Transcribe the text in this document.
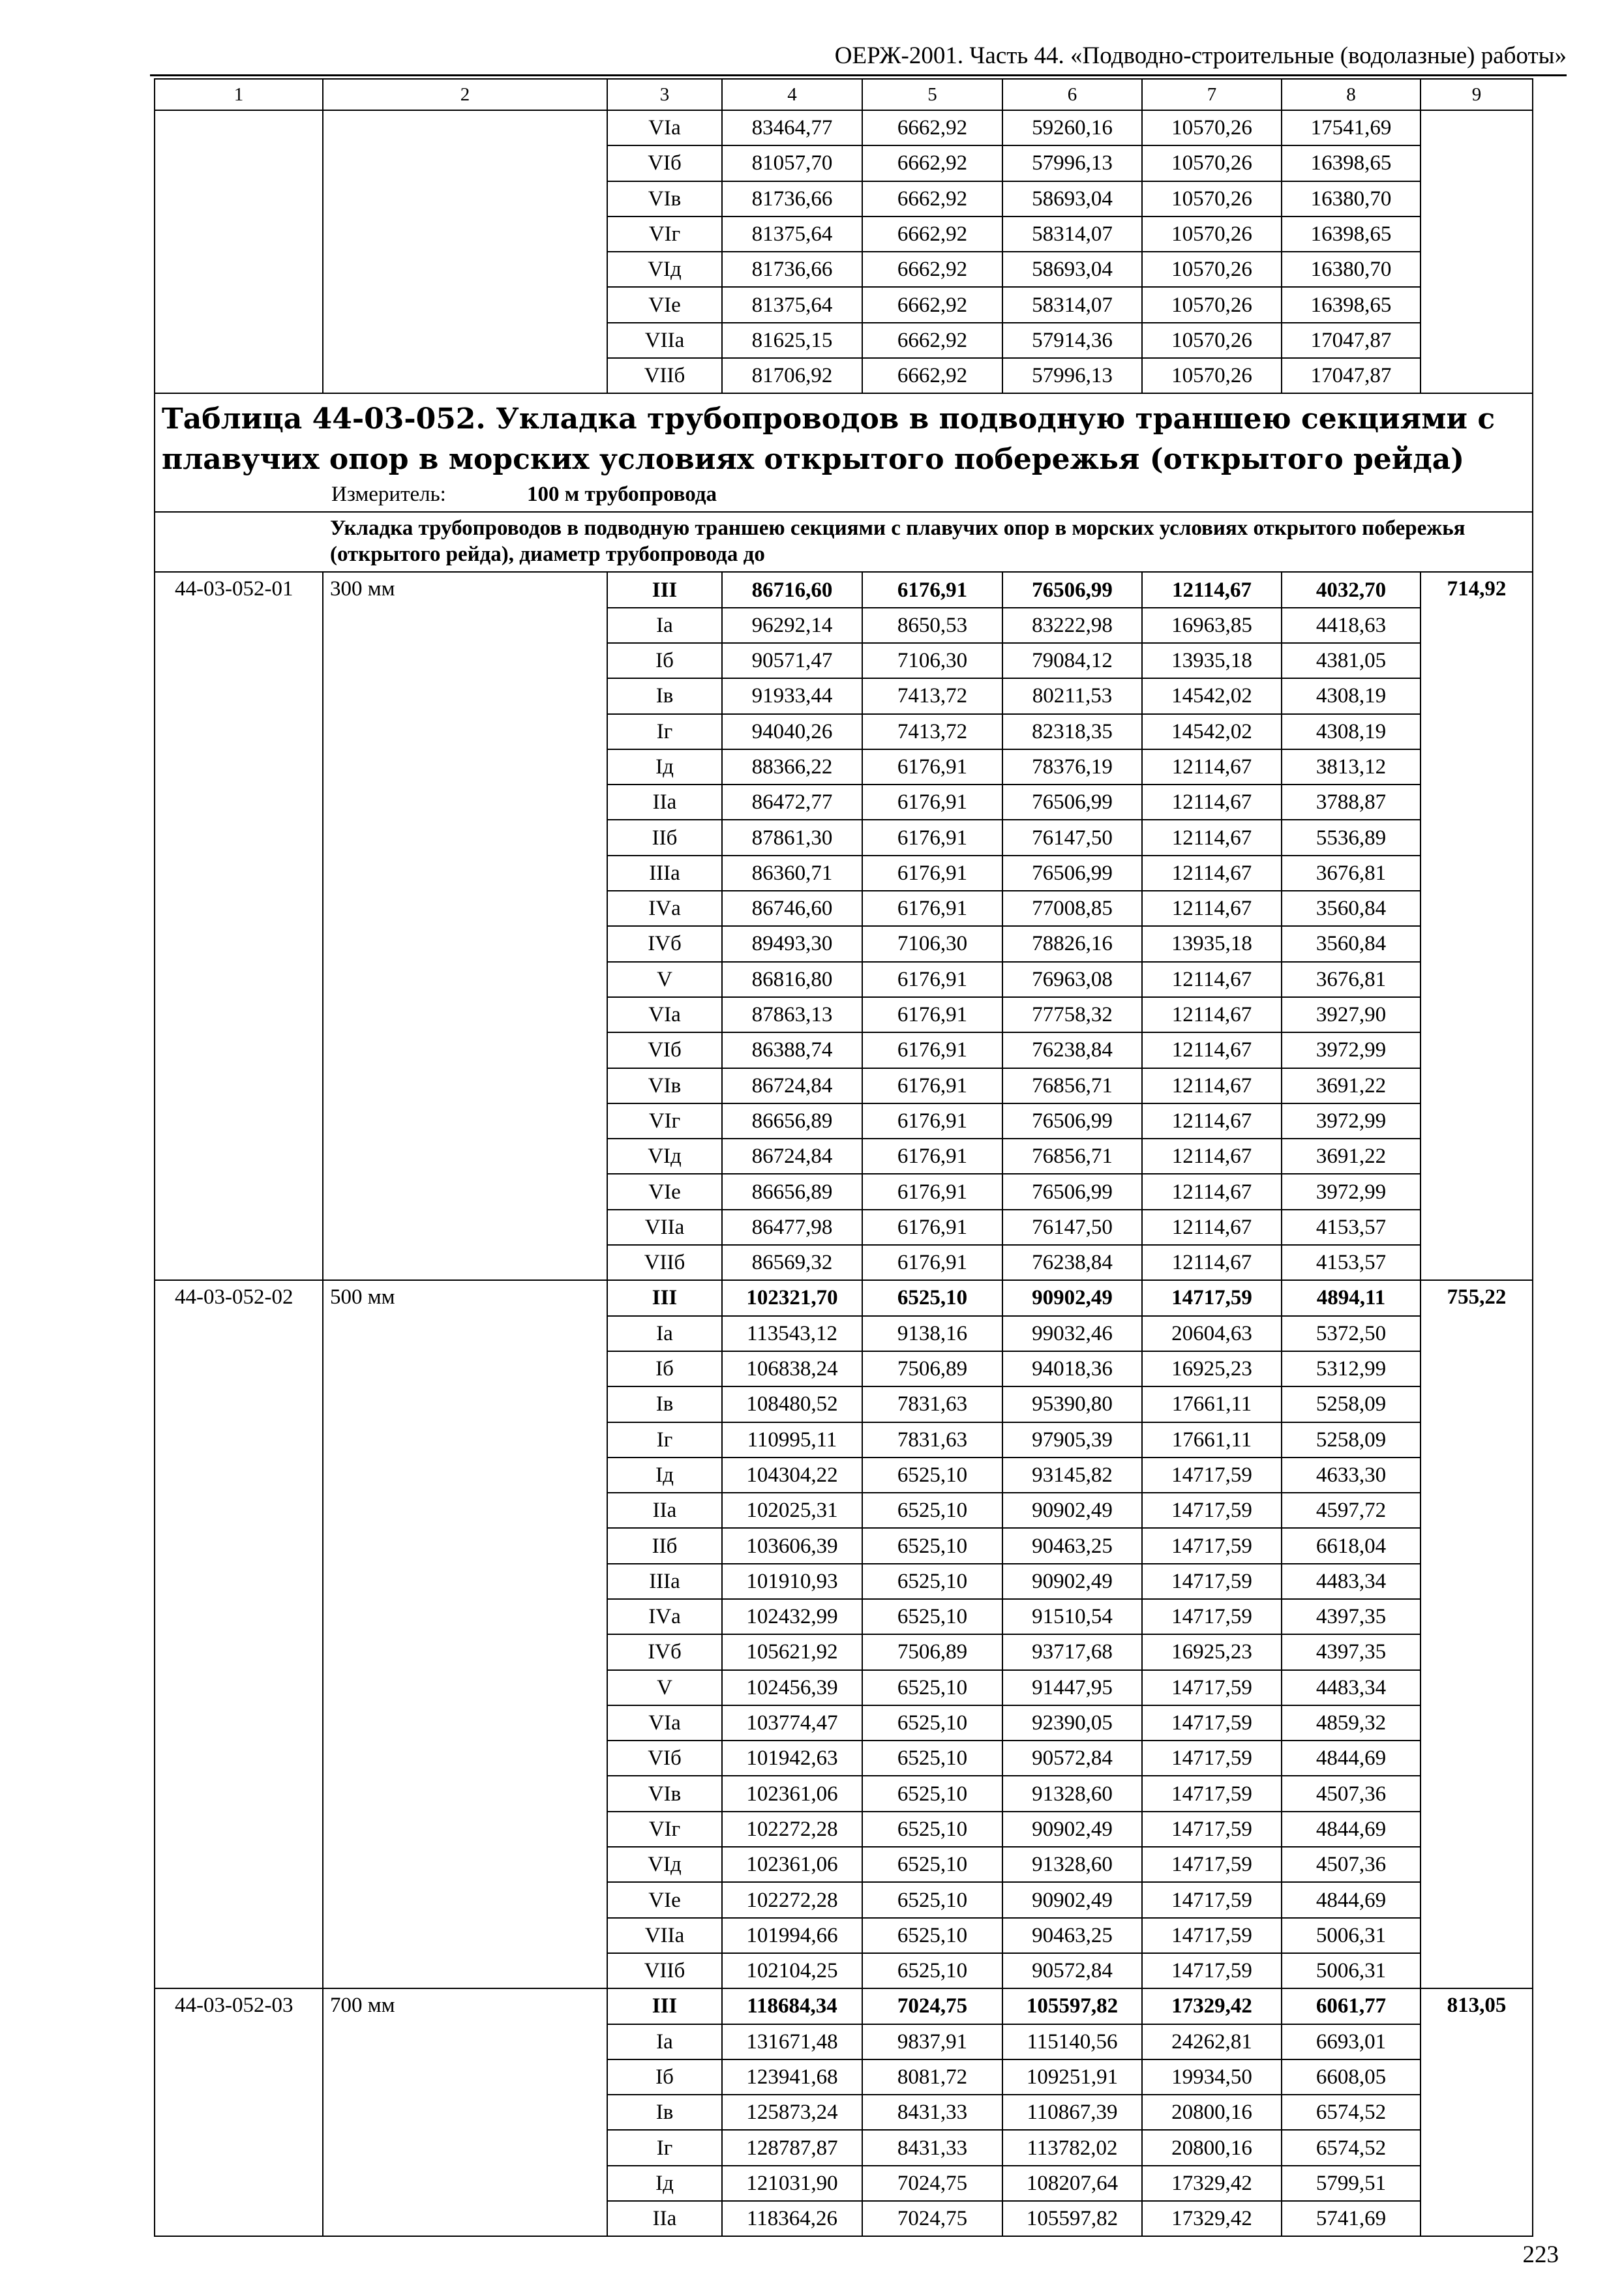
ОЕРЖ-2001. Часть 44. «Подводно-строительные (водолазные) работы»
1	2	3	4	5	6	7	8	9
		VIа	83464,77	6662,92	59260,16	10570,26	17541,69	
		VIб	81057,70	6662,92	57996,13	10570,26	16398,65	
		VIв	81736,66	6662,92	58693,04	10570,26	16380,70	
		VIг	81375,64	6662,92	58314,07	10570,26	16398,65	
		VIд	81736,66	6662,92	58693,04	10570,26	16380,70	
		VIе	81375,64	6662,92	58314,07	10570,26	16398,65	
		VIIа	81625,15	6662,92	57914,36	10570,26	17047,87	
		VIIб	81706,92	6662,92	57996,13	10570,26	17047,87	

Таблица 44-03-052. Укладка трубопроводов в подводную траншею секциями с плавучих опор в морских условиях открытого побережья (открытого рейда)
Измеритель: 100 м трубопровода								

Укладка трубопроводов в подводную траншею секциями с плавучих опор в морских условиях открытого побережья (открытого рейда), диаметр трубопровода до								
44-03-052-01	300 мм	III	86716,60	6176,91	76506,99	12114,67	4032,70	714,92
		Iа	96292,14	8650,53	83222,98	16963,85	4418,63	
		Iб	90571,47	7106,30	79084,12	13935,18	4381,05	
		Iв	91933,44	7413,72	80211,53	14542,02	4308,19	
		Iг	94040,26	7413,72	82318,35	14542,02	4308,19	
		Iд	88366,22	6176,91	78376,19	12114,67	3813,12	
		IIа	86472,77	6176,91	76506,99	12114,67	3788,87	
		IIб	87861,30	6176,91	76147,50	12114,67	5536,89	
		IIIа	86360,71	6176,91	76506,99	12114,67	3676,81	
		IVа	86746,60	6176,91	77008,85	12114,67	3560,84	
		IVб	89493,30	7106,30	78826,16	13935,18	3560,84	
		V	86816,80	6176,91	76963,08	12114,67	3676,81	
		VIа	87863,13	6176,91	77758,32	12114,67	3927,90	
		VIб	86388,74	6176,91	76238,84	12114,67	3972,99	
		VIв	86724,84	6176,91	76856,71	12114,67	3691,22	
		VIг	86656,89	6176,91	76506,99	12114,67	3972,99	
		VIд	86724,84	6176,91	76856,71	12114,67	3691,22	
		VIе	86656,89	6176,91	76506,99	12114,67	3972,99	
		VIIа	86477,98	6176,91	76147,50	12114,67	4153,57	
		VIIб	86569,32	6176,91	76238,84	12114,67	4153,57	
44-03-052-02	500 мм	III	102321,70	6525,10	90902,49	14717,59	4894,11	755,22
		Iа	113543,12	9138,16	99032,46	20604,63	5372,50	
		Iб	106838,24	7506,89	94018,36	16925,23	5312,99	
		Iв	108480,52	7831,63	95390,80	17661,11	5258,09	
		Iг	110995,11	7831,63	97905,39	17661,11	5258,09	
		Iд	104304,22	6525,10	93145,82	14717,59	4633,30	
		IIа	102025,31	6525,10	90902,49	14717,59	4597,72	
		IIб	103606,39	6525,10	90463,25	14717,59	6618,04	
		IIIа	101910,93	6525,10	90902,49	14717,59	4483,34	
		IVа	102432,99	6525,10	91510,54	14717,59	4397,35	
		IVб	105621,92	7506,89	93717,68	16925,23	4397,35	
		V	102456,39	6525,10	91447,95	14717,59	4483,34	
		VIа	103774,47	6525,10	92390,05	14717,59	4859,32	
		VIб	101942,63	6525,10	90572,84	14717,59	4844,69	
		VIв	102361,06	6525,10	91328,60	14717,59	4507,36	
		VIг	102272,28	6525,10	90902,49	14717,59	4844,69	
		VIд	102361,06	6525,10	91328,60	14717,59	4507,36	
		VIе	102272,28	6525,10	90902,49	14717,59	4844,69	
		VIIа	101994,66	6525,10	90463,25	14717,59	5006,31	
		VIIб	102104,25	6525,10	90572,84	14717,59	5006,31	
44-03-052-03	700 мм	III	118684,34	7024,75	105597,82	17329,42	6061,77	813,05
		Iа	131671,48	9837,91	115140,56	24262,81	6693,01	
		Iб	123941,68	8081,72	109251,91	19934,50	6608,05	
		Iв	125873,24	8431,33	110867,39	20800,16	6574,52	
		Iг	128787,87	8431,33	113782,02	20800,16	6574,52	
		Iд	121031,90	7024,75	108207,64	17329,42	5799,51	
		IIа	118364,26	7024,75	105597,82	17329,42	5741,69	
223
